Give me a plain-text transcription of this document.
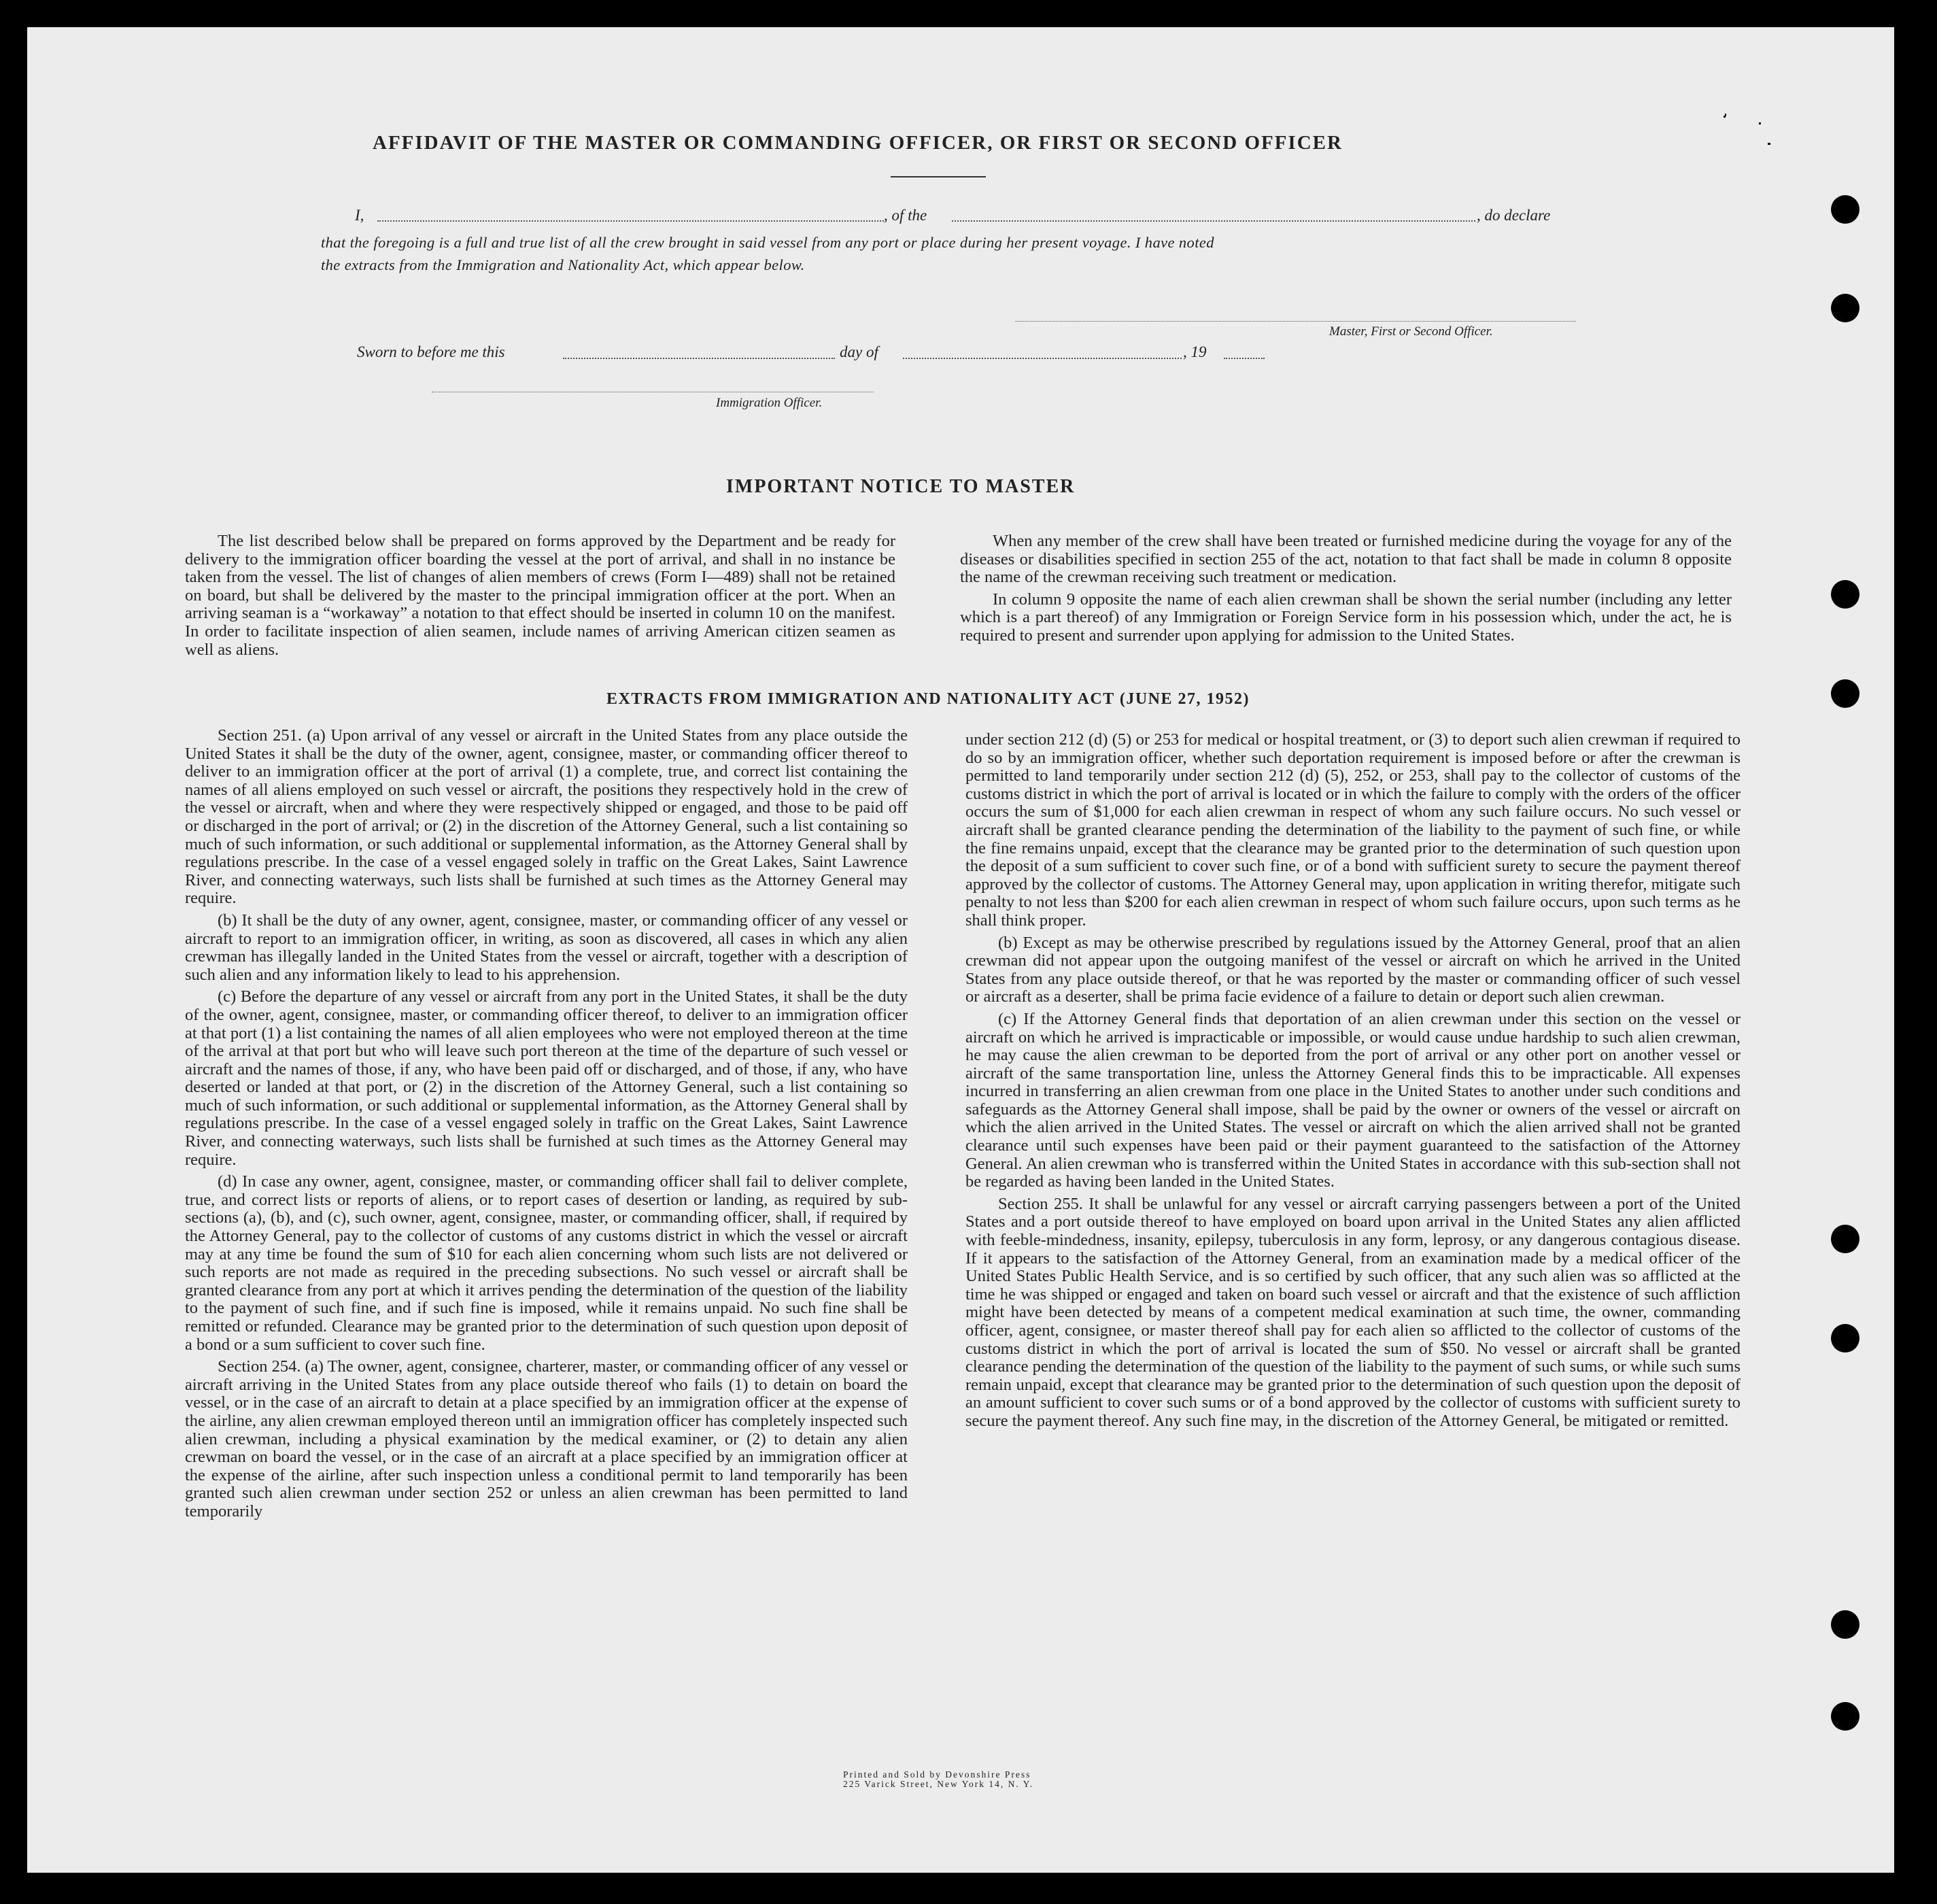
AFFIDAVIT OF THE MASTER OR COMMANDING OFFICER, OR FIRST OR SECOND OFFICER
I,	, of the	, do declare
that the foregoing is a full and true list of all the crew brought in said vessel from any port or place during her present voyage. I have noted
the extracts from the Immigration and Nationality Act, which appear below.
Master, First or Second Officer.
Sworn to before me this	day of	, 19
Immigration Officer.
IMPORTANT NOTICE TO MASTER

The list described below shall be prepared on forms approved by the Department and be ready for delivery to the immigration officer boarding the vessel at the port of arrival, and shall in no instance be taken from the vessel. The list of changes of alien members of crews (Form I—489) shall not be retained on board, but shall be delivered by the master to the principal immigration officer at the port. When an arriving seaman is a “workaway” a notation to that effect should be inserted in column 10 on the manifest. In order to facilitate inspection of alien seamen, include names of arriving American citizen seamen as well as aliens.

When any member of the crew shall have been treated or furnished medicine during the voyage for any of the diseases or disabilities specified in section 255 of the act, notation to that fact shall be made in column 8 opposite the name of the crewman receiving such treatment or medication.

In column 9 opposite the name of each alien crewman shall be shown the serial number (including any letter which is a part thereof) of any Immigration or Foreign Service form in his possession which, under the act, he is required to present and surrender upon applying for admission to the United States.

EXTRACTS FROM IMMIGRATION AND NATIONALITY ACT (JUNE 27, 1952)

Section 251. (a) Upon arrival of any vessel or aircraft in the United States from any place outside the United States it shall be the duty of the owner, agent, consignee, master, or commanding officer thereof to deliver to an immigration officer at the port of arrival (1) a complete, true, and correct list containing the names of all aliens employed on such vessel or aircraft, the positions they respectively hold in the crew of the vessel or aircraft, when and where they were respectively shipped or engaged, and those to be paid off or discharged in the port of arrival; or (2) in the discretion of the Attorney General, such a list containing so much of such information, or such additional or supplemental information, as the Attorney General shall by regulations prescribe. In the case of a vessel engaged solely in traffic on the Great Lakes, Saint Lawrence River, and connecting waterways, such lists shall be furnished at such times as the Attorney General may require.

(b) It shall be the duty of any owner, agent, consignee, master, or commanding officer of any vessel or aircraft to report to an immigration officer, in writing, as soon as discovered, all cases in which any alien crewman has illegally landed in the United States from the vessel or aircraft, together with a description of such alien and any information likely to lead to his apprehension.

(c) Before the departure of any vessel or aircraft from any port in the United States, it shall be the duty of the owner, agent, consignee, master, or commanding officer thereof, to deliver to an immigration officer at that port (1) a list containing the names of all alien employees who were not employed thereon at the time of the arrival at that port but who will leave such port thereon at the time of the departure of such vessel or aircraft and the names of those, if any, who have been paid off or discharged, and of those, if any, who have deserted or landed at that port, or (2) in the discretion of the Attorney General, such a list containing so much of such information, or such additional or supplemental information, as the Attorney General shall by regulations prescribe. In the case of a vessel engaged solely in traffic on the Great Lakes, Saint Lawrence River, and connecting waterways, such lists shall be furnished at such times as the Attorney General may require.

(d) In case any owner, agent, consignee, master, or commanding officer shall fail to deliver complete, true, and correct lists or reports of aliens, or to report cases of desertion or landing, as required by sub-sections (a), (b), and (c), such owner, agent, consignee, master, or commanding officer, shall, if required by the Attorney General, pay to the collector of customs of any customs district in which the vessel or aircraft may at any time be found the sum of $10 for each alien concerning whom such lists are not delivered or such reports are not made as required in the preceding subsections. No such vessel or aircraft shall be granted clearance from any port at which it arrives pending the determination of the question of the liability to the payment of such fine, and if such fine is imposed, while it remains unpaid. No such fine shall be remitted or refunded. Clearance may be granted prior to the determination of such question upon deposit of a bond or a sum sufficient to cover such fine.

Section 254. (a) The owner, agent, consignee, charterer, master, or commanding officer of any vessel or aircraft arriving in the United States from any place outside thereof who fails (1) to detain on board the vessel, or in the case of an aircraft to detain at a place specified by an immigration officer at the expense of the airline, any alien crewman employed thereon until an immigration officer has completely inspected such alien crewman, including a physical examination by the medical examiner, or (2) to detain any alien crewman on board the vessel, or in the case of an aircraft at a place specified by an immigration officer at the expense of the airline, after such inspection unless a conditional permit to land temporarily has been granted such alien crewman under section 252 or unless an alien crewman has been permitted to land temporarily

under section 212 (d) (5) or 253 for medical or hospital treatment, or (3) to deport such alien crewman if required to do so by an immigration officer, whether such deportation requirement is imposed before or after the crewman is permitted to land temporarily under section 212 (d) (5), 252, or 253, shall pay to the collector of customs of the customs district in which the port of arrival is located or in which the failure to comply with the orders of the officer occurs the sum of $1,000 for each alien crewman in respect of whom any such failure occurs. No such vessel or aircraft shall be granted clearance pending the determination of the liability to the payment of such fine, or while the fine remains unpaid, except that the clearance may be granted prior to the determination of such question upon the deposit of a sum sufficient to cover such fine, or of a bond with sufficient surety to secure the payment thereof approved by the collector of customs. The Attorney General may, upon application in writing therefor, mitigate such penalty to not less than $200 for each alien crewman in respect of whom such failure occurs, upon such terms as he shall think proper.

(b) Except as may be otherwise prescribed by regulations issued by the Attorney General, proof that an alien crewman did not appear upon the outgoing manifest of the vessel or aircraft on which he arrived in the United States from any place outside thereof, or that he was reported by the master or commanding officer of such vessel or aircraft as a deserter, shall be prima facie evidence of a failure to detain or deport such alien crewman.

(c) If the Attorney General finds that deportation of an alien crewman under this section on the vessel or aircraft on which he arrived is impracticable or impossible, or would cause undue hardship to such alien crewman, he may cause the alien crewman to be deported from the port of arrival or any other port on another vessel or aircraft of the same transportation line, unless the Attorney General finds this to be impracticable. All expenses incurred in transferring an alien crewman from one place in the United States to another under such conditions and safeguards as the Attorney General shall impose, shall be paid by the owner or owners of the vessel or aircraft on which the alien arrived in the United States. The vessel or aircraft on which the alien arrived shall not be granted clearance until such expenses have been paid or their payment guaranteed to the satisfaction of the Attorney General. An alien crewman who is transferred within the United States in accordance with this sub-section shall not be regarded as having been landed in the United States.

Section 255. It shall be unlawful for any vessel or aircraft carrying passengers between a port of the United States and a port outside thereof to have employed on board upon arrival in the United States any alien afflicted with feeble-mindedness, insanity, epilepsy, tuberculosis in any form, leprosy, or any dangerous contagious disease. If it appears to the satisfaction of the Attorney General, from an examination made by a medical officer of the United States Public Health Service, and is so certified by such officer, that any such alien was so afflicted at the time he was shipped or engaged and taken on board such vessel or aircraft and that the existence of such affliction might have been detected by means of a competent medical examination at such time, the owner, commanding officer, agent, consignee, or master thereof shall pay for each alien so afflicted to the collector of customs of the customs district in which the port of arrival is located the sum of $50. No vessel or aircraft shall be granted clearance pending the determination of the question of the liability to the payment of such sums, or while such sums remain unpaid, except that clearance may be granted prior to the determination of such question upon the deposit of an amount sufficient to cover such sums or of a bond approved by the collector of customs with sufficient surety to secure the payment thereof. Any such fine may, in the discretion of the Attorney General, be mitigated or remitted.

Printed and Sold by Devonshire Press
225 Varick Street, New York 14, N. Y.
